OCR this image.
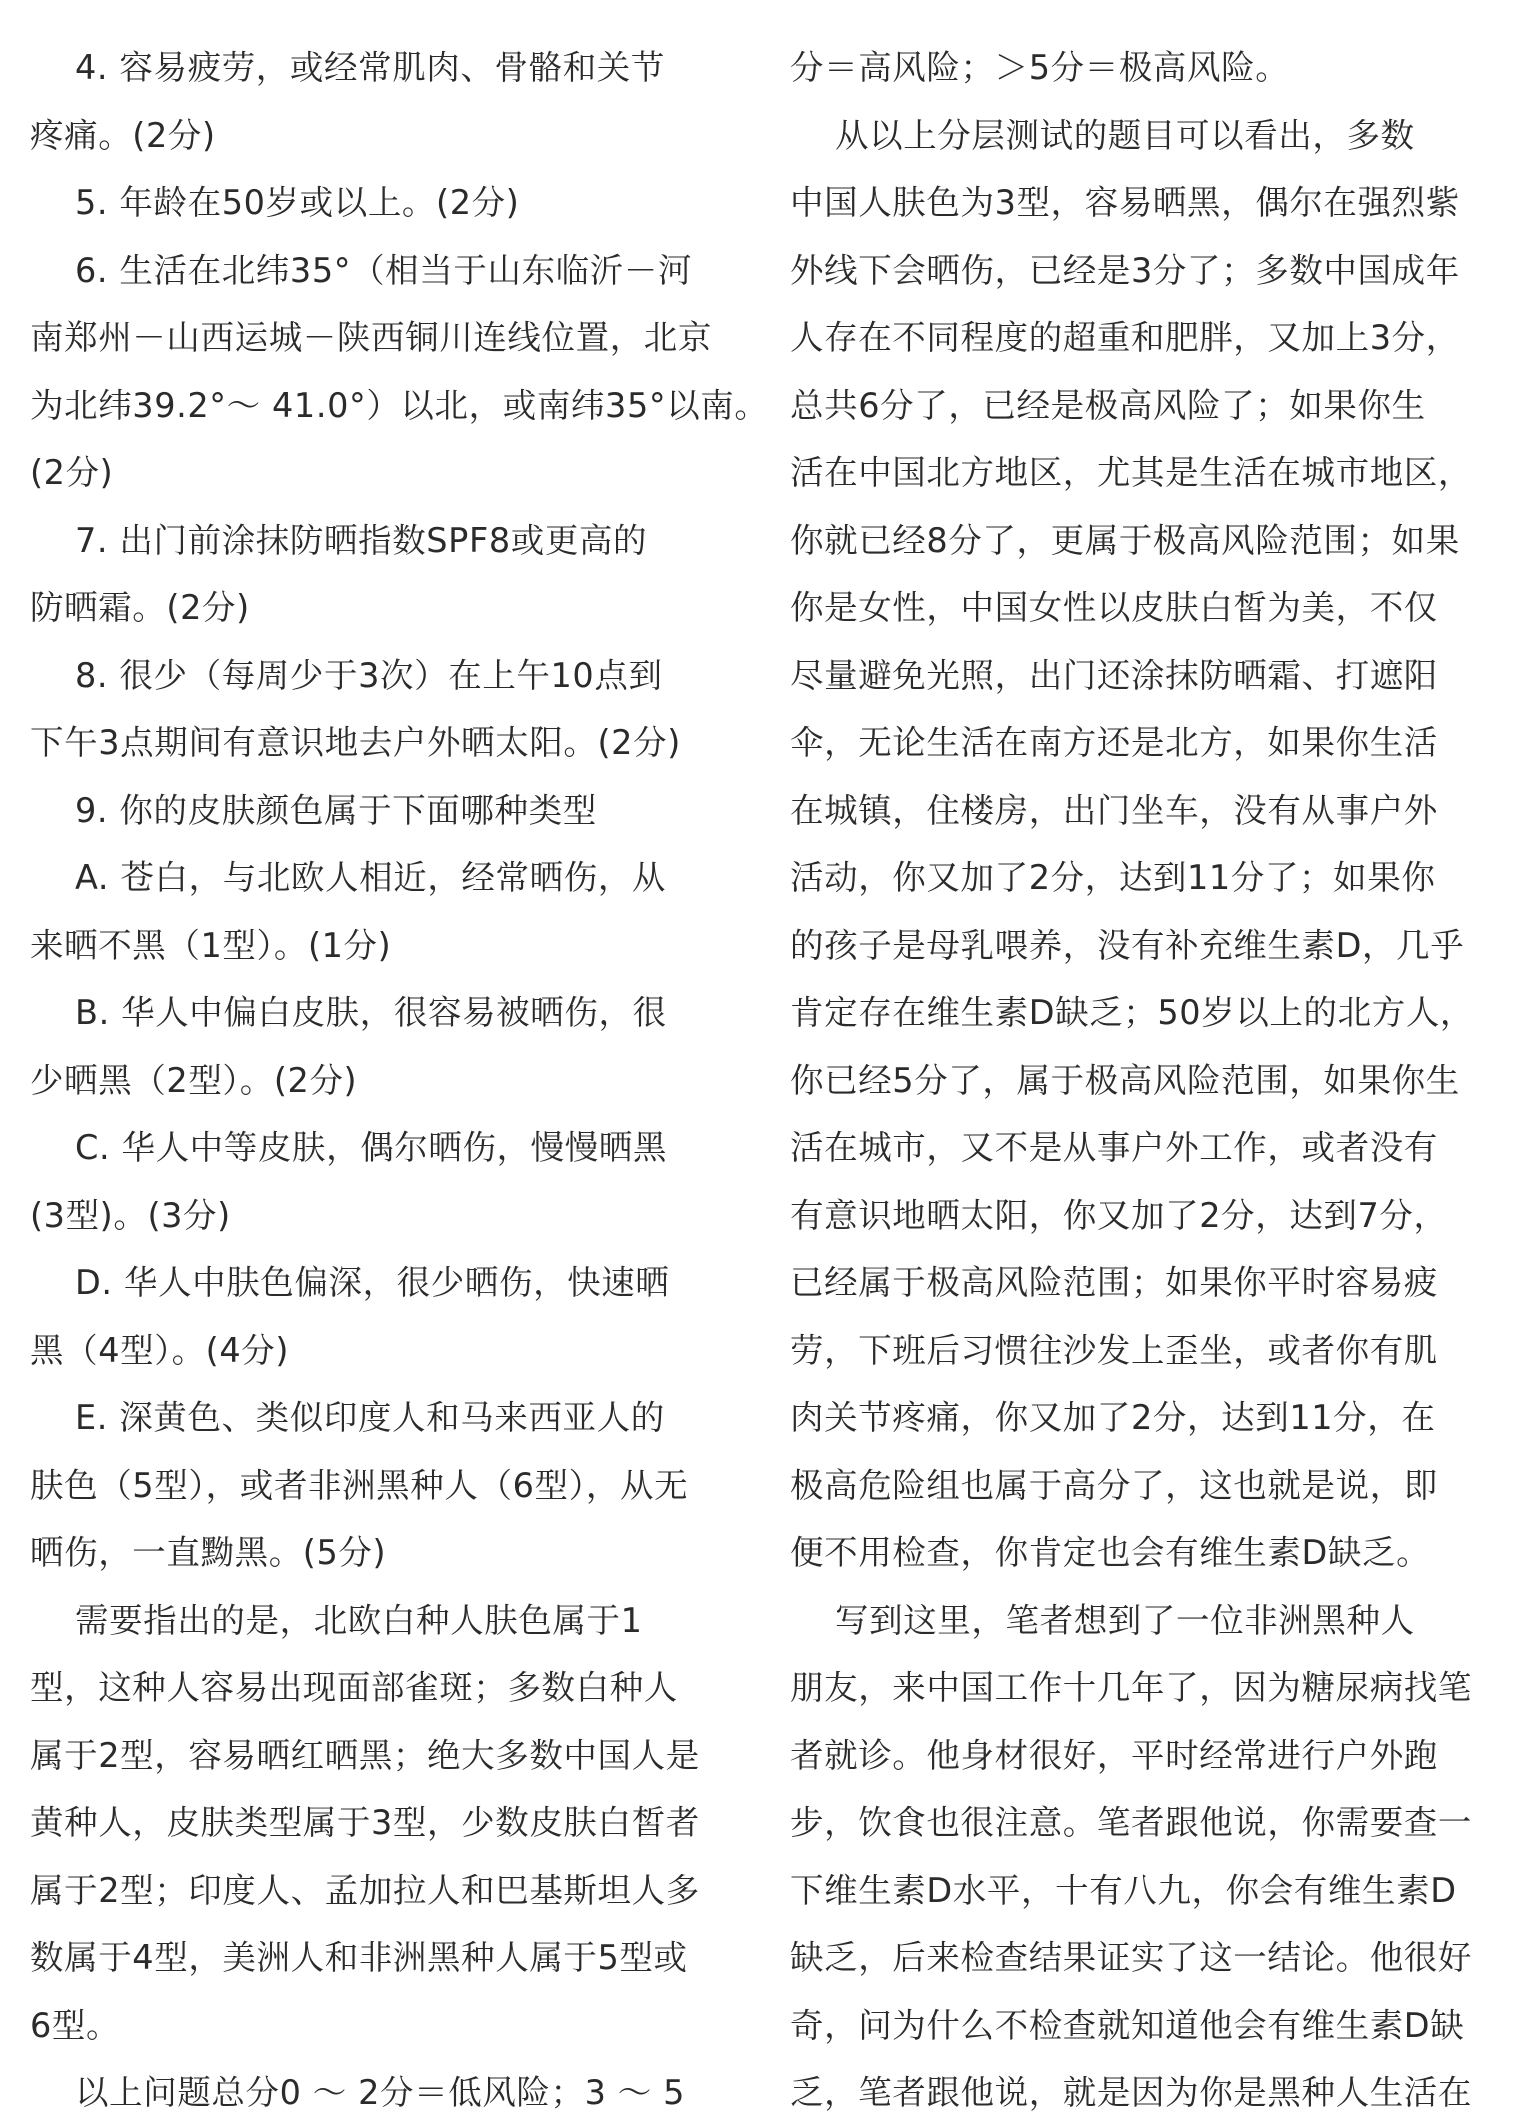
4. 容易疲劳，或经常肌肉、骨骼和关节

疼痛。(2分)

5. 年龄在50岁或以上。(2分)

6. 生活在北纬35°（相当于山东临沂－河

南郑州－山西运城－陕西铜川连线位置，北京

为北纬39.2°～ 41.0°）以北，或南纬35°以南。

(2分)

7. 出门前涂抹防晒指数SPF8或更高的

防晒霜。(2分)

8. 很少（每周少于3次）在上午10点到

下午3点期间有意识地去户外晒太阳。(2分)

9. 你的皮肤颜色属于下面哪种类型

A. 苍白，与北欧人相近，经常晒伤，从

来晒不黑（1型）。(1分)

B. 华人中偏白皮肤，很容易被晒伤，很

少晒黑（2型）。(2分)

C. 华人中等皮肤，偶尔晒伤，慢慢晒黑

(3型)。(3分)

D. 华人中肤色偏深，很少晒伤，快速晒

黑（4型）。(4分)

E. 深黄色、类似印度人和马来西亚人的

肤色（5型），或者非洲黑种人（6型），从无

晒伤，一直黝黑。(5分)

需要指出的是，北欧白种人肤色属于1

型，这种人容易出现面部雀斑；多数白种人

属于2型，容易晒红晒黑；绝大多数中国人是

黄种人，皮肤类型属于3型，少数皮肤白皙者

属于2型；印度人、孟加拉人和巴基斯坦人多

数属于4型，美洲人和非洲黑种人属于5型或

6型。

以上问题总分0 ～ 2分＝低风险；3 ～ 5

分＝高风险；＞5分＝极高风险。

从以上分层测试的题目可以看出，多数

中国人肤色为3型，容易晒黑，偶尔在强烈紫

外线下会晒伤，已经是3分了；多数中国成年

人存在不同程度的超重和肥胖，又加上3分，

总共6分了，已经是极高风险了；如果你生

活在中国北方地区，尤其是生活在城市地区，

你就已经8分了，更属于极高风险范围；如果

你是女性，中国女性以皮肤白皙为美，不仅

尽量避免光照，出门还涂抹防晒霜、打遮阳

伞，无论生活在南方还是北方，如果你生活

在城镇，住楼房，出门坐车，没有从事户外

活动，你又加了2分，达到11分了；如果你

的孩子是母乳喂养，没有补充维生素D，几乎

肯定存在维生素D缺乏；50岁以上的北方人，

你已经5分了，属于极高风险范围，如果你生

活在城市，又不是从事户外工作，或者没有

有意识地晒太阳，你又加了2分，达到7分，

已经属于极高风险范围；如果你平时容易疲

劳，下班后习惯往沙发上歪坐，或者你有肌

肉关节疼痛，你又加了2分，达到11分，在

极高危险组也属于高分了，这也就是说，即

便不用检查，你肯定也会有维生素D缺乏。

写到这里，笔者想到了一位非洲黑种人

朋友，来中国工作十几年了，因为糖尿病找笔

者就诊。他身材很好，平时经常进行户外跑

步，饮食也很注意。笔者跟他说，你需要查一

下维生素D水平，十有八九，你会有维生素D

缺乏，后来检查结果证实了这一结论。他很好

奇，问为什么不检查就知道他会有维生素D缺

乏，笔者跟他说，就是因为你是黑种人生活在
